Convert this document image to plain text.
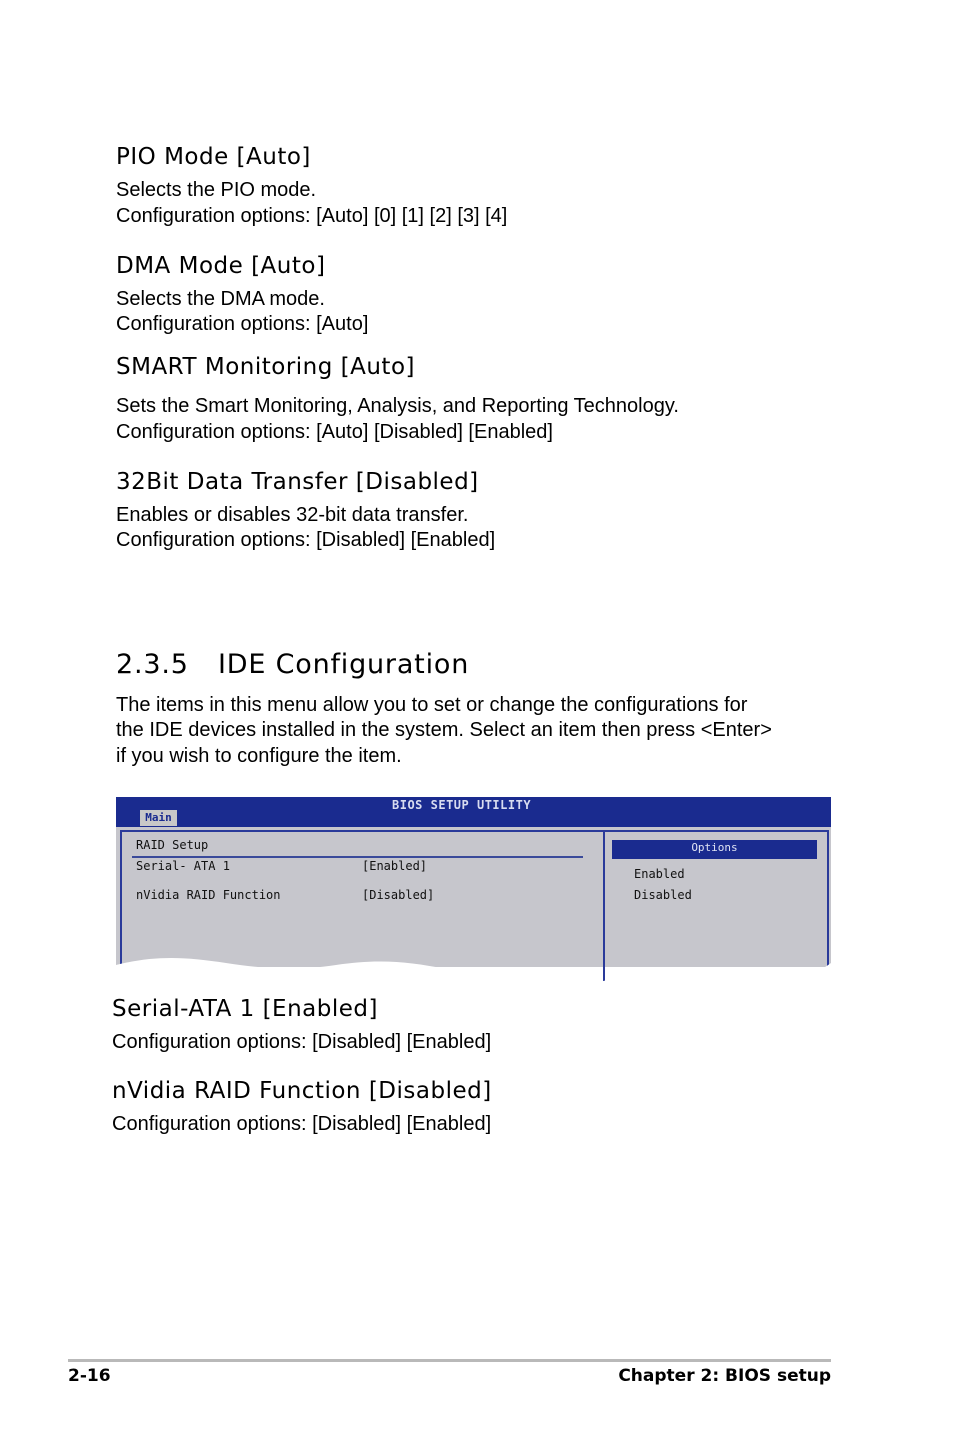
PIO Mode [Auto]
Selects the PIO mode.
Configuration options: [Auto] [0] [1] [2] [3] [4]
DMA Mode [Auto]
Selects the DMA mode.
Configuration options: [Auto]
SMART Monitoring [Auto]
Sets the Smart Monitoring, Analysis, and Reporting Technology.
Configuration options: [Auto] [Disabled] [Enabled]
32Bit Data Transfer [Disabled]
Enables or disables 32-bit data transfer.
Configuration options: [Disabled] [Enabled]
2.3.5 IDE Configuration
The items in this menu allow you to set or change the configurations for
the IDE devices installed in the system. Select an item then press <Enter>
if you wish to configure the item.
BIOS SETUP UTILITY
Main
RAID Setup
Serial- ATA 1	[Enabled]
nVidia RAID Function	[Disabled]
Options
Enabled
Disabled
Serial-ATA 1 [Enabled]
Configuration options: [Disabled] [Enabled]
nVidia RAID Function [Disabled]
Configuration options: [Disabled] [Enabled]
2-16	Chapter 2: BIOS setup
